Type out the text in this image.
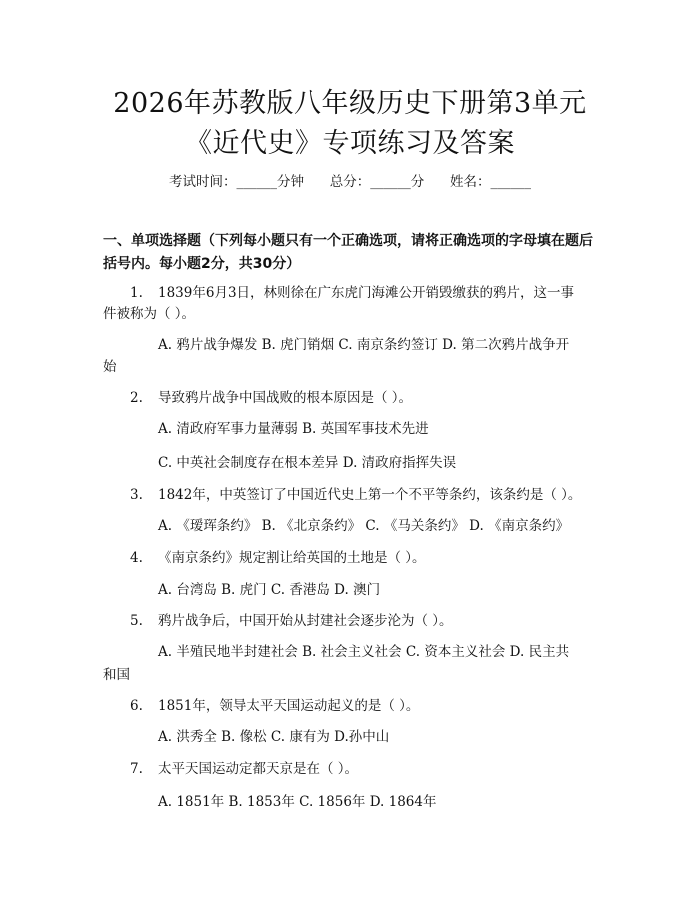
2026年苏教版八年级历史下册第3单元《近代史》专项练习及答案
考试时间：______分钟      总分：______分      姓名：______
一、单项选择题（下列每小题只有一个正确选项，请将正确选项的字母填在题后括号内。每小题2分，共30分）
1. 1839年6月3日，林则徐在广东虎门海滩公开销毁缴获的鸦片，这一事
件被称为（ ）。
A. 鸦片战争爆发 B. 虎门销烟 C. 南京条约签订 D. 第二次鸦片战争开
始
2. 导致鸦片战争中国战败的根本原因是（ ）。
A. 清政府军事力量薄弱 B. 英国军事技术先进
C. 中英社会制度存在根本差异 D. 清政府指挥失误
3. 1842年，中英签订了中国近代史上第一个不平等条约，该条约是（ ）。
A. 《瑷珲条约》 B. 《北京条约》 C. 《马关条约》 D. 《南京条约》
4. 《南京条约》规定割让给英国的土地是（ ）。
A. 台湾岛 B. 虎门 C. 香港岛 D. 澳门
5. 鸦片战争后，中国开始从封建社会逐步沦为（ ）。
A. 半殖民地半封建社会 B. 社会主义社会 C. 资本主义社会 D. 民主共
和国
6. 1851年，领导太平天国运动起义的是（ ）。
A. 洪秀全 B. 像松 C. 康有为 D.孙中山
7. 太平天国运动定都天京是在（ ）。
A. 1851年 B. 1853年 C. 1856年 D. 1864年
